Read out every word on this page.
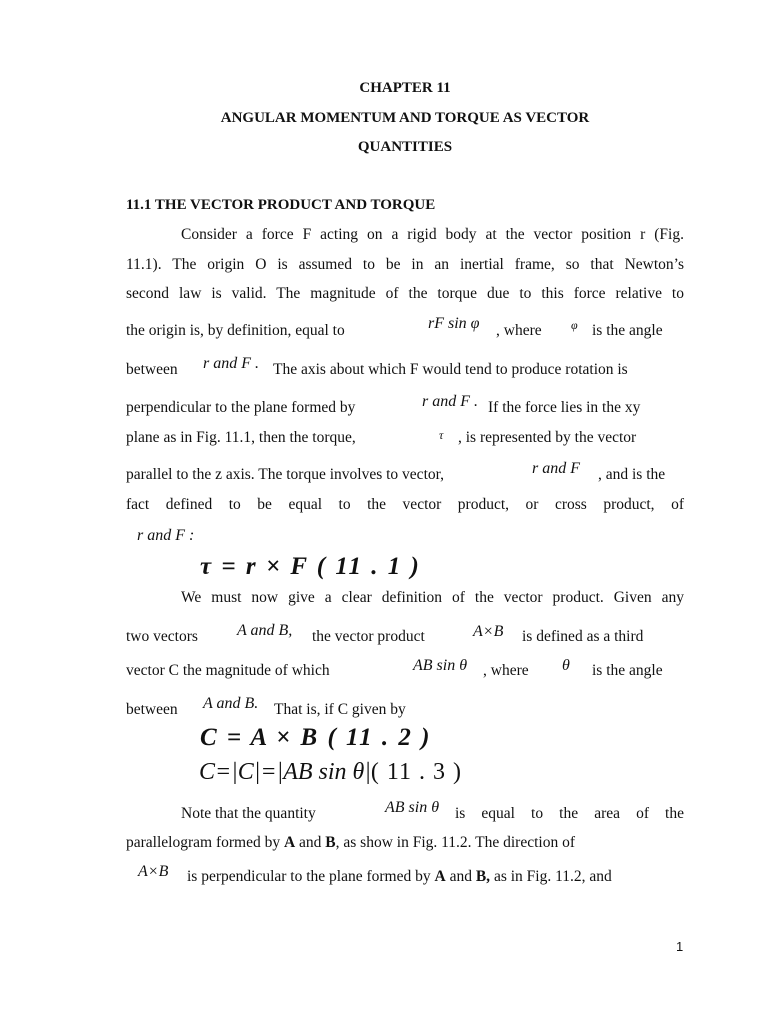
CHAPTER 11
ANGULAR MOMENTUM AND TORQUE AS VECTOR
QUANTITIES
11.1 THE VECTOR PRODUCT AND TORQUE
Consider a force F acting on a rigid body at the vector position r (Fig.
11.1). The origin O is assumed to be in an inertial frame, so that Newton’s
second law is valid. The magnitude of the torque due to this force relative to
the origin is, by definition, equal to	rF sin φ , where φ is the angle
between r and F . The axis about which F would tend to produce rotation is
perpendicular to the plane formed by	r and F . If the force lies in the xy
plane as in Fig. 11.1, then the torque,	τ , is represented by the vector
parallel to the z axis. The torque involves to vector,	r and F , and is the
fact defined to be equal to the vector product, or cross product, of
r and F :
τ = r × F ( 11 . 1 )
We must now give a clear definition of the vector product. Given any
two vectors A and B, the vector product	A×B is defined as a third
vector C the magnitude of which	AB sin θ , where θ is the angle
between A and B. That is, if C given by
C = A × B ( 11 . 2 )
C=|C|=|AB sin θ|( 11 . 3 )
Note that the quantity	AB sin θ is equal to the area of the
parallelogram formed by A and B, as show in Fig. 11.2. The direction of
A×B is perpendicular to the plane formed by A and B, as in Fig. 11.2, and
1
